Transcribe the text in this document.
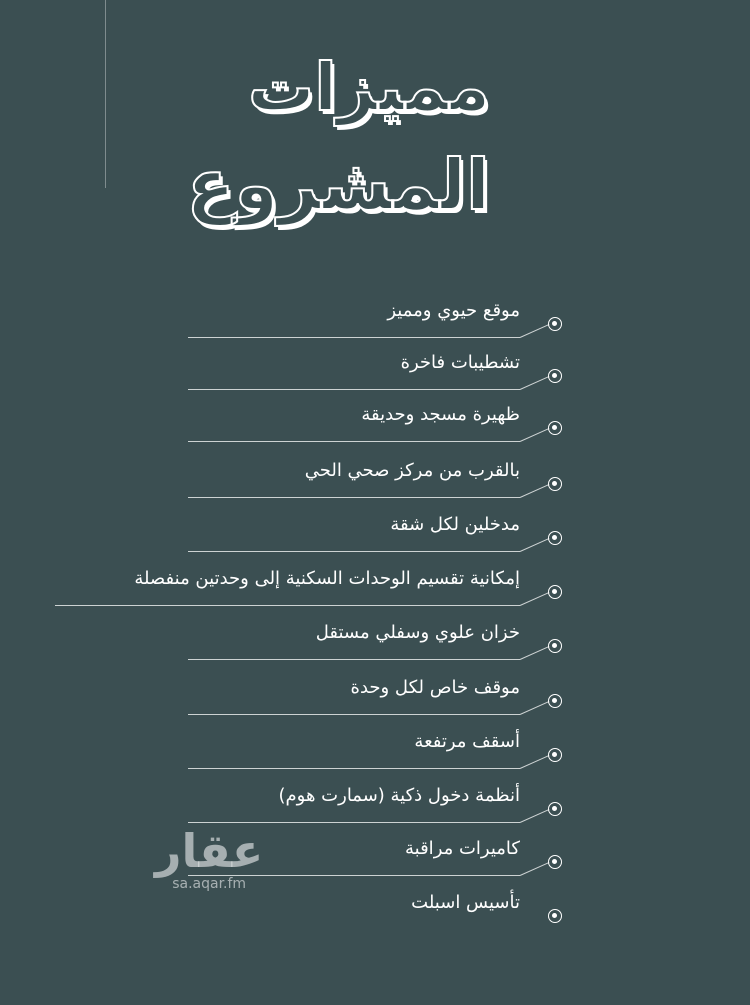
مميزات
المشروع
موقع حيوي ومميز
تشطيبات فاخرة
ظهيرة مسجد وحديقة
بالقرب من مركز صحي الحي
مدخلين لكل شقة
إمكانية تقسيم الوحدات السكنية إلى وحدتين منفصلة
خزان علوي وسفلي مستقل
موقف خاص لكل وحدة
أسقف مرتفعة
أنظمة دخول ذكية (سمارت هوم)
كاميرات مراقبة
تأسيس اسبلت
عقار
sa.aqar.fm
